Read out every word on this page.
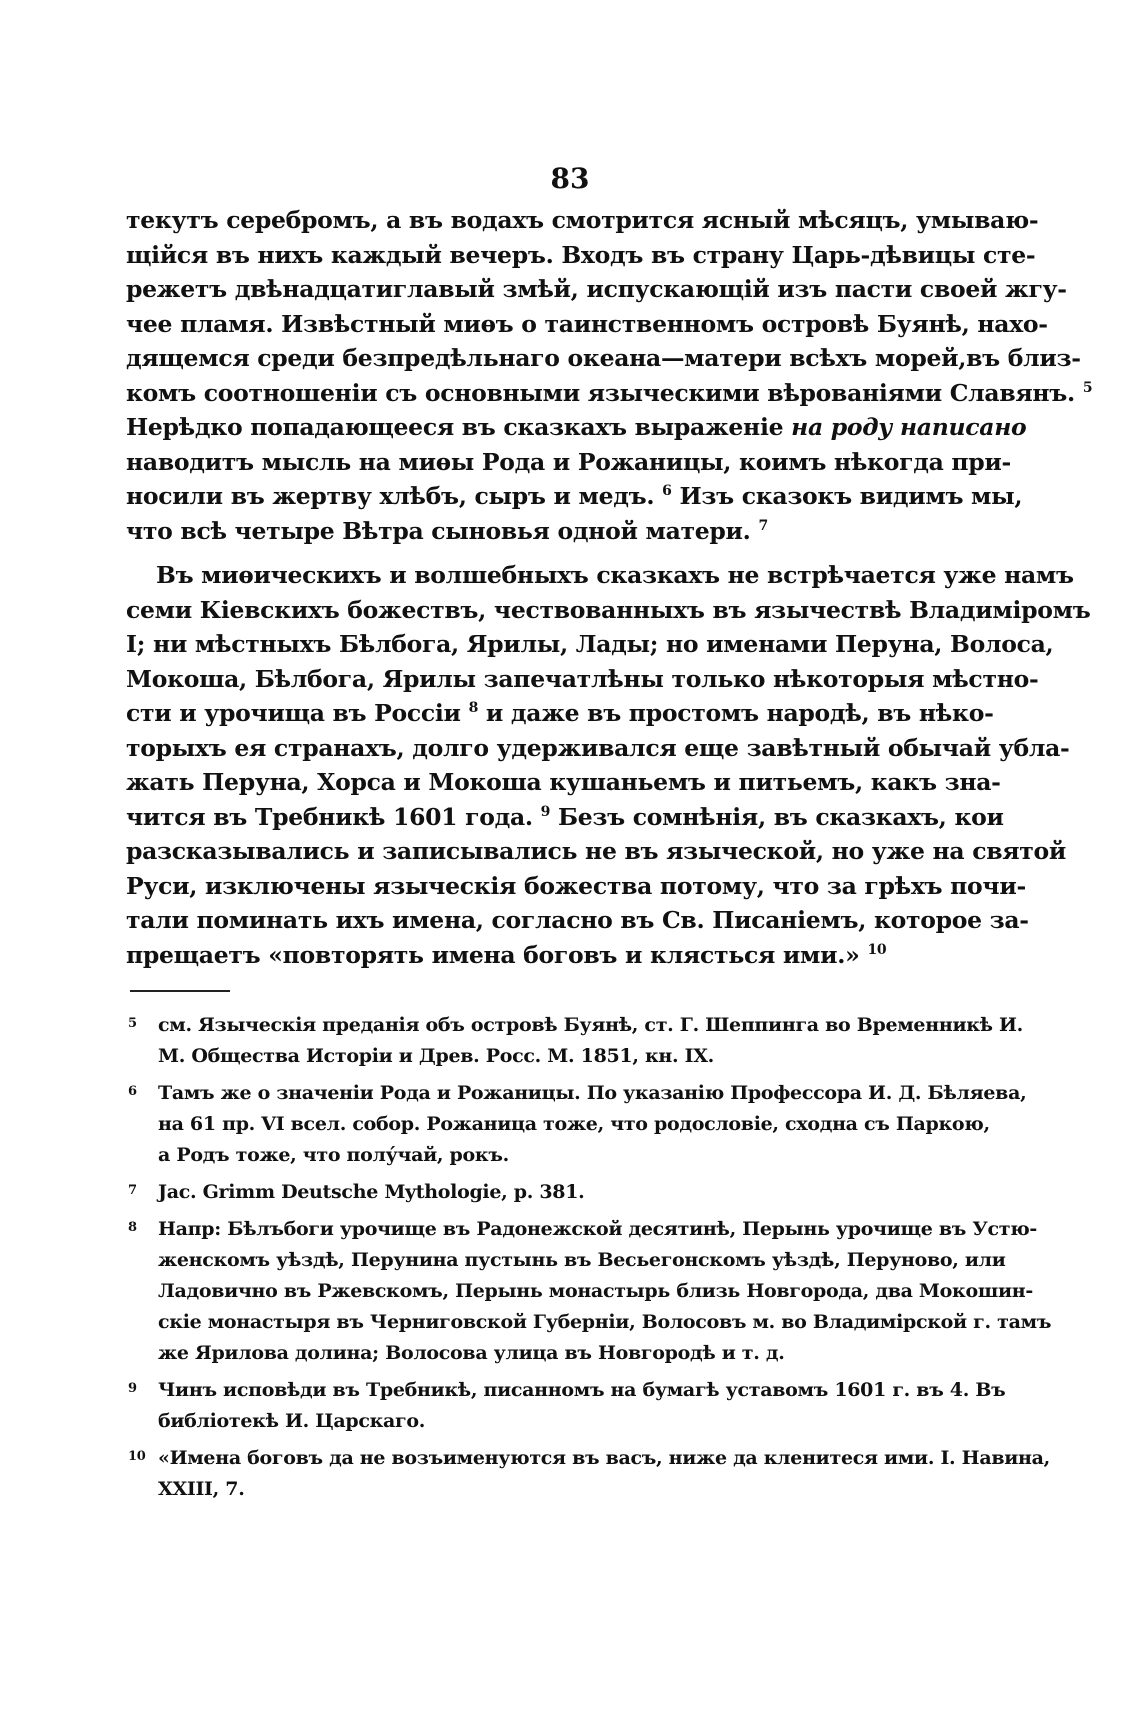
83
текутъ серебромъ, а въ водахъ смотрится ясный мѣсяцъ, умываю-
щійся въ нихъ каждый вечеръ. Входъ въ страну Царь-дѣвицы сте-
режетъ двѣнадцатиглавый змѣй, испускающій изъ пасти своей жгу-
чее пламя. Извѣстный миѳъ о таинственномъ островѣ Буянѣ, нахо-
дящемся среди безпредѣльнаго океана—матери всѣхъ морей,въ близ-
комъ соотношеніи съ основными языческими вѣрованіями Славянъ. $^5$
Нерѣдко попадающееся въ сказкахъ выраженіе на роду написано
наводитъ мысль на миѳы Рода и Рожаницы, коимъ нѣкогда при-
носили въ жертву хлѣбъ, сыръ и медъ. $^6$ Изъ сказокъ видимъ мы,
что всѣ четыре Вѣтра сыновья одной матери. $^7$
Въ миѳическихъ и волшебныхъ сказкахъ не встрѣчается уже намъ
семи Кіевскихъ божествъ, чествованныхъ въ язычествѣ Владиміромъ
I; ни мѣстныхъ Бѣлбога, Ярилы, Лады; но именами Перуна, Волоса,
Мокоша, Бѣлбога, Ярилы запечатлѣны только нѣкоторыя мѣстно-
сти и урочища въ Россіи $^8$ и даже въ простомъ народѣ, въ нѣко-
торыхъ ея странахъ, долго удерживался еще завѣтный обычай ублa-
жать Перуна, Хорса и Мокоша кушаньемъ и питьемъ, какъ зна-
чится въ Требникѣ 1601 года. $^9$ Безъ сомнѣнія, въ сказкахъ, кои
разсказывались и записывались не въ языческой, но уже на святой
Руси, изключены языческія божества потому, что за грѣхъ почи-
тали поминать ихъ имена, согласно въ Св. Писаніемъ, которое за-
прещаетъ «повторять имена боговъ и клясться ими.» $^{10}$
5 см. Языческія преданія объ островѣ Буянѣ, ст. Г. Шеппинга во Временникѣ И.
М. Общества Исторіи и Древ. Росс. М. 1851, кн. IX.
6 Тамъ же о значеніи Рода и Рожаницы. По указанію Профессора И. Д. Бѣляева,
на 61 пр. VI всел. собор. Рожаница тоже, что родословіе, сходна съ Паркою,
а Родъ тоже, что полу́чай, рокъ.
7 Jac. Grimm Deutsche Mythologie, p. 381.
8 Напр: Бѣлъбоги урочище въ Радонежской десятинѣ, Перынь урочище въ Устю-
женскомъ уѣздѣ, Перунина пустынь въ Весьегонскомъ уѣздѣ, Перуново, или
Ладовично въ Ржевскомъ, Перынь монастырь близь Новгорода, два Мокошин-
скіе монастыря въ Черниговской Губерніи, Волосовъ м. во Владимірской г. тамъ
же Ярилова долина; Волосова улица въ Новгородѣ и т. д.
9 Чинъ исповѣди въ Требникѣ, писанномъ на бумагѣ уставомъ 1601 г. въ 4. Въ
библіотекѣ И. Царскаго.
10 «Имена боговъ да не возъименуются въ васъ, ниже да кленитеся ими. І. Навина,
XXIII, 7.
